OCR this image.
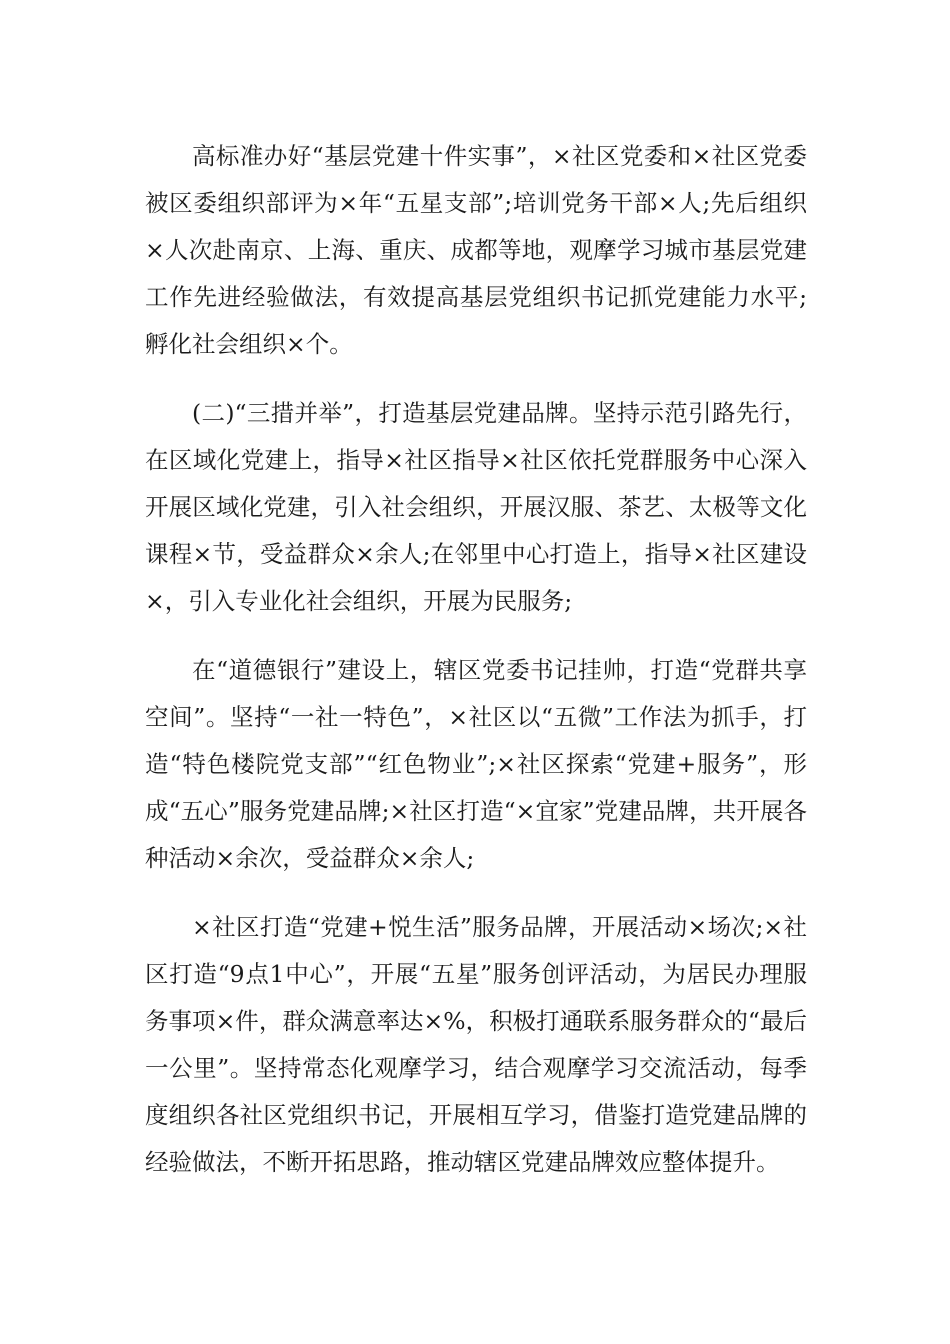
高标准办好“基层党建十件实事”，×社区党委和×社区党委被区委组织部评为×年“五星支部”;培训党务干部×人;先后组织×人次赴南京、上海、重庆、成都等地，观摩学习城市基层党建工作先进经验做法，有效提高基层党组织书记抓党建能力水平;孵化社会组织×个。

(二)“三措并举”，打造基层党建品牌。坚持示范引路先行，在区域化党建上，指导×社区指导×社区依托党群服务中心深入开展区域化党建，引入社会组织，开展汉服、茶艺、太极等文化课程×节，受益群众×余人;在邻里中心打造上，指导×社区建设×，引入专业化社会组织，开展为民服务;

在“道德银行”建设上，辖区党委书记挂帅，打造“党群共享空间”。坚持“一社一特色”，×社区以“五微”工作法为抓手，打造“特色楼院党支部”“红色物业”;×社区探索“党建+服务”，形成“五心”服务党建品牌;×社区打造“×宜家”党建品牌，共开展各种活动×余次，受益群众×余人;

×社区打造“党建+悦生活”服务品牌，开展活动×场次;×社区打造“9点1中心”，开展“五星”服务创评活动，为居民办理服务事项×件，群众满意率达×%，积极打通联系服务群众的“最后一公里”。坚持常态化观摩学习，结合观摩学习交流活动，每季度组织各社区党组织书记，开展相互学习，借鉴打造党建品牌的经验做法，不断开拓思路，推动辖区党建品牌效应整体提升。
